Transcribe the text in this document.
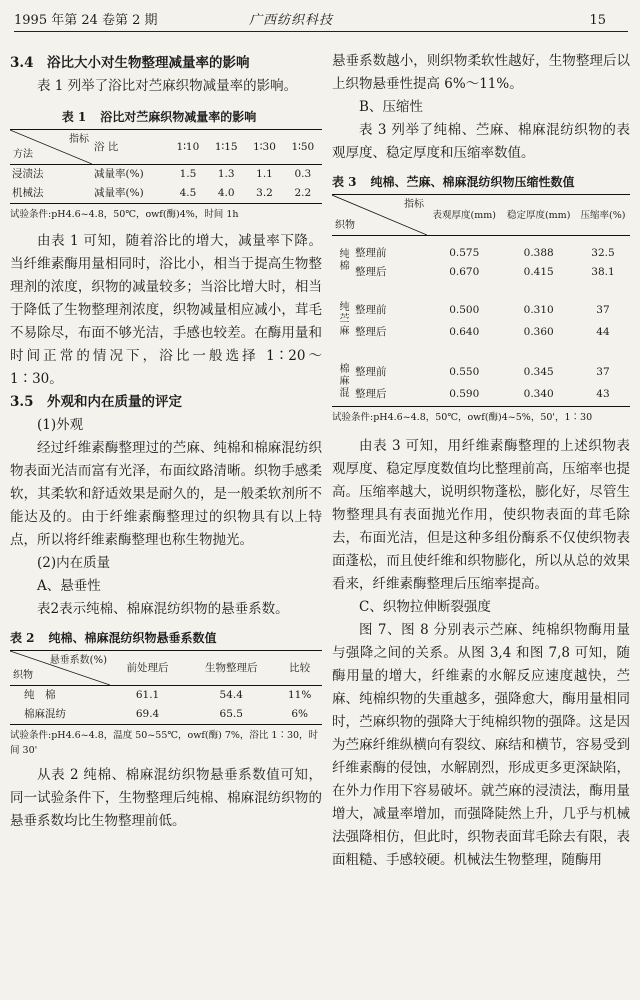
1995 年第 24 卷第 2 期	广西纺织科技	15
3.4　浴比大小对生物整理减量率的影响

表 1 列举了浴比对苎麻织物减量率的影响。

表 1 浴比对苎麻织物减量率的影响
指标
方法	浴 比	1∶10	1∶15	1∶30	1∶50
浸渍法	减量率(%)	1.5	1.3	1.1	0.3
机械法	减量率(%)	4.5	4.0	3.2	2.2
试验条件:pH4.6~4.8，50℃，owf(酶)4%，时间 1h

由表 1 可知，随着浴比的增大，减量率下降。当纤维素酶用量相同时，浴比小，相当于提高生物整理剂的浓度，织物的减量较多；当浴比增大时，相当于降低了生物整理剂浓度，织物减量相应减小，茸毛不易除尽，布面不够光洁，手感也较差。在酶用量和时间正常的情况下，浴比一般选择 1∶20～1∶30。

3.5　外观和内在质量的评定
(1)外观

经过纤维素酶整理过的苎麻、纯棉和棉麻混纺织物表面光洁而富有光泽，布面纹路清晰。织物手感柔软，其柔软和舒适效果是耐久的，是一般柔软剂所不能达及的。由于纤维素酶整理过的织物具有以上特点，所以将纤维素酶整理也称生物抛光。

(2)内在质量
A、悬垂性

表2表示纯棉、棉麻混纺织物的悬垂系数。

表 2 纯棉、棉麻混纺织物悬垂系数值
悬垂系数(%)
织物	前处理后	生物整理后	比较
纯　棉	61.1	54.4	11%
棉麻混纺	69.4	65.5	6%
试验条件:pH4.6~4.8，温度 50~55℃，owf(酶) 7%，浴比 1∶30，时间 30'

从表 2 纯棉、棉麻混纺织物悬垂系数值可知，同一试验条件下，生物整理后纯棉、棉麻混纺织物的悬垂系数均比生物整理前低。

悬垂系数越小，则织物柔软性越好，生物整理后以上织物悬垂性提高 6%～11%。

B、压缩性

表 3 列举了纯棉、苎麻、棉麻混纺织物的表观厚度、稳定厚度和压缩率数值。

表 3 纯棉、苎麻、棉麻混纺织物压缩性数值
指标
织物		表观厚度(mm)	稳定厚度(mm)	压缩率(%)

纯棉	整理前	0.575	0.388	32.5
	整理后	0.670	0.415	38.1

纯苎麻	整理前	0.500	0.310	37
	整理后	0.640	0.360	44

棉麻混	整理前	0.550	0.345	37
	整理后	0.590	0.340	43
试验条件:pH4.6~4.8，50℃，owf(酶)4~5%，50'，1∶30

由表 3 可知，用纤维素酶整理的上述织物表观厚度、稳定厚度数值均比整理前高，压缩率也提高。压缩率越大，说明织物蓬松，膨化好，尽管生物整理具有表面抛光作用，使织物表面的茸毛除去，布面光洁，但是这种多组份酶系不仅使织物表面蓬松，而且使纤维和织物膨化，所以从总的效果看来，纤维素酶整理后压缩率提高。

C、织物拉伸断裂强度

图 7、图 8 分别表示苎麻、纯棉织物酶用量与强降之间的关系。从图 3,4 和图 7,8 可知，随酶用量的增大，纤维素的水解反应速度越快，苎麻、纯棉织物的失重越多，强降愈大，酶用量相同时，苎麻织物的强降大于纯棉织物的强降。这是因为苎麻纤维纵横向有裂纹、麻结和横节，容易受到纤维素酶的侵蚀，水解剧烈，形成更多更深缺陷，在外力作用下容易破坏。就苎麻的浸渍法，酶用量增大，减量率增加，而强降陡然上升，几乎与机械法强降相仿，但此时，织物表面茸毛除去有限，表面粗糙、手感较硬。机械法生物整理，随酶用
